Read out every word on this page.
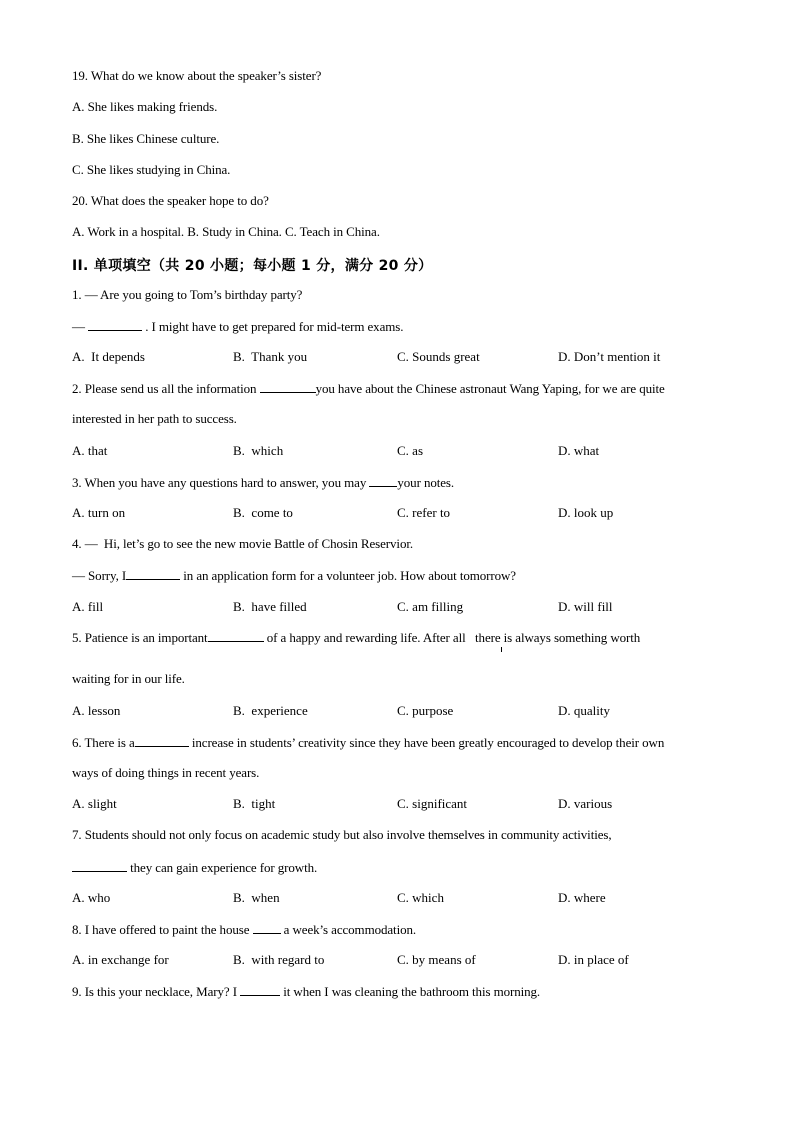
19. What do we know about the speaker’s sister?
A. She likes making friends.
B. She likes Chinese culture.
C. She likes studying in China.
20. What does the speaker hope to do?
A. Work in a hospital. B. Study in China. C. Teach in China.
II. 单项填空（共 20 小题；每小题 1 分，满分 20 分）
1. — Are you going to Tom’s birthday party?
—	. I might have to get prepared for mid-term exams.
A.  It depends	B.  Thank you	C. Sounds great	D. Don’t mention it
2. Please send us all the information	you have about the Chinese astronaut Wang Yaping, for we are quite
interested in her path to success.
A. that	B.  which	C. as	D. what
3. When you have any questions hard to answer, you may your notes.
A. turn on	B.  come to	C. refer to	D. look up
4. —  Hi, let’s go to see the new movie Battle of Chosin Reservior.
— Sorry, I	in an application form for a volunteer job. How about tomorrow?
A. fill	B.  have filled	C. am filling	D. will fill
5. Patience is an important	of a happy and rewarding life. After all   there is always something worth
waiting for in our life.
A. lesson	B.  experience	C. purpose	D. quality
6. There is a	increase in students’ creativity since they have been greatly encouraged to develop their own
ways of doing things in recent years.
A. slight	B.  tight	C. significant	D. various
7. Students should not only focus on academic study but also involve themselves in community activities,
they can gain experience for growth.
A. who	B.  when	C. which	D. where
8. I have offered to paint the house  a week’s accommodation.
A. in exchange for	B.  with regard to	C. by means of	D. in place of
9. Is this your necklace, Mary? I	it when I was cleaning the bathroom this morning.
